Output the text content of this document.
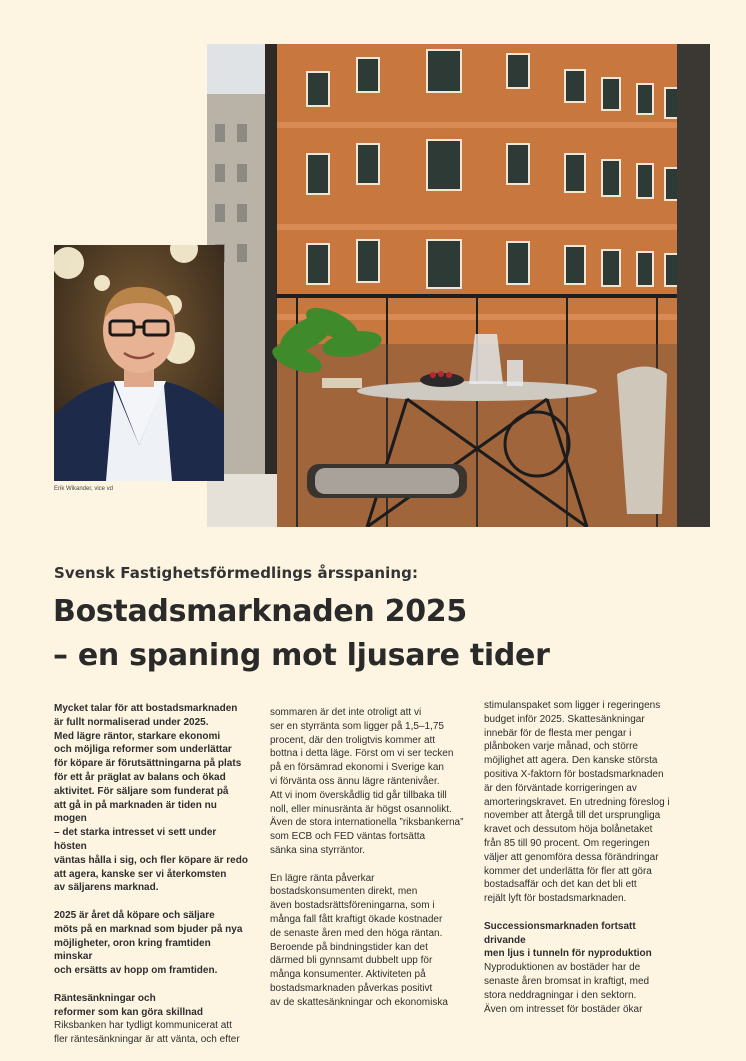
Erik Wikander, vice vd
Svensk Fastighetsförmedlings årsspaning:
Bostadsmarknaden 2025
– en spaning mot ljusare tider

Mycket talar för att bostadsmarknaden
är fullt normaliserad under 2025.
Med lägre räntor, starkare ekonomi
och möjliga reformer som underlättar
för köpare är förutsättningarna på plats
för ett år präglat av balans och ökad
aktivitet. För säljare som funderat på
att gå in på marknaden är tiden nu mogen
– det starka intresset vi sett under hösten
väntas hålla i sig, och fler köpare är redo
att agera, kanske ser vi återkomsten
av säljarens marknad.

2025 är året då köpare och säljare
möts på en marknad som bjuder på nya
möjligheter, oron kring framtiden minskar
och ersätts av hopp om framtiden.

Räntesänkningar och
reformer som kan göra skillnad
Riksbanken har tydligt kommunicerat att
fler räntesänkningar är att vänta, och efter

sommaren är det inte otroligt att vi
ser en styrränta som ligger på 1,5–1,75
procent, där den troligtvis kommer att
bottna i detta läge. Först om vi ser tecken
på en försämrad ekonomi i Sverige kan
vi förvänta oss ännu lägre räntenivåer.
Att vi inom överskådlig tid går tillbaka till
noll, eller minusränta är högst osannolikt.
Även de stora internationella ”riksbankerna”
som ECB och FED väntas fortsätta
sänka sina styrräntor.

En lägre ränta påverkar
bostadskonsumenten direkt, men
även bostadsrättsföreningarna, som i
många fall fått kraftigt ökade kostnader
de senaste åren med den höga räntan.
Beroende på bindningstider kan det
därmed bli gynnsamt dubbelt upp för
många konsumenter. Aktiviteten på
bostadsmarknaden påverkas positivt
av de skattesänkningar och ekonomiska

stimulanspaket som ligger i regeringens
budget inför 2025. Skattesänkningar
innebär för de flesta mer pengar i
plånboken varje månad, och större
möjlighet att agera. Den kanske största
positiva X-faktorn för bostadsmarknaden
är den förväntade korrigeringen av
amorteringskravet. En utredning föreslog i
november att återgå till det ursprungliga
kravet och dessutom höja bolånetaket
från 85 till 90 procent. Om regeringen
väljer att genomföra dessa förändringar
kommer det underlätta för fler att göra
bostadsaffär och det kan det bli ett
rejält lyft för bostadsmarknaden.

Successionsmarknaden fortsatt drivande
men ljus i tunneln för nyproduktion
Nyproduktionen av bostäder har de
senaste åren bromsat in kraftigt, med
stora neddragningar i den sektorn.
Även om intresset för bostäder ökar
